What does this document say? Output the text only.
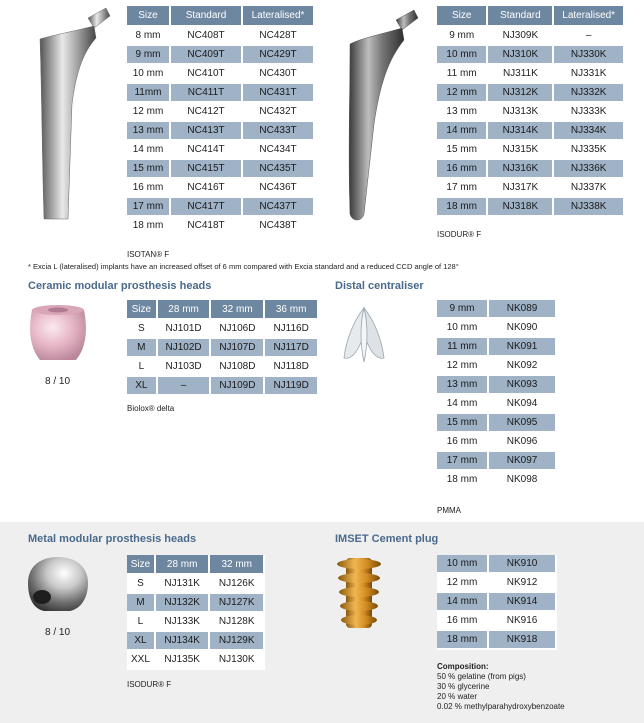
ISOTAN® F
Size	Standard	Lateralised*
8 mm	NC408T	NC428T
9 mm	NC409T	NC429T
10 mm	NC410T	NC430T
11mm	NC411T	NC431T
12 mm	NC412T	NC432T
13 mm	NC413T	NC433T
14 mm	NC414T	NC434T
15 mm	NC415T	NC435T
16 mm	NC416T	NC436T
17 mm	NC417T	NC437T
18 mm	NC418T	NC438T
ISODUR® F
Size	Standard	Lateralised*
9 mm	NJ309K	–
10 mm	NJ310K	NJ330K
11 mm	NJ311K	NJ331K
12 mm	NJ312K	NJ332K
13 mm	NJ313K	NJ333K
14 mm	NJ314K	NJ334K
15 mm	NJ315K	NJ335K
16 mm	NJ316K	NJ336K
17 mm	NJ317K	NJ337K
18 mm	NJ318K	NJ338K
* Excia L (lateralised) implants have an increased offset of 6 mm compared with Excia standard and a reduced CCD angle of 128°
Ceramic modular prosthesis heads
8 / 10
Size	28 mm	32 mm	36 mm
S	NJ101D	NJ106D	NJ116D
M	NJ102D	NJ107D	NJ117D
L	NJ103D	NJ108D	NJ118D
XL	–	NJ109D	NJ119D
Biolox® delta
Distal centraliser
9 mm	NK089
10 mm	NK090
11 mm	NK091
12 mm	NK092
13 mm	NK093
14 mm	NK094
15 mm	NK095
16 mm	NK096
17 mm	NK097
18 mm	NK098
PMMA
Metal modular prosthesis heads
8 / 10
Size	28 mm	32 mm
S	NJ131K	NJ126K
M	NJ132K	NJ127K
L	NJ133K	NJ128K
XL	NJ134K	NJ129K
XXL	NJ135K	NJ130K
ISODUR® F
IMSET Cement plug
10 mm	NK910
12 mm	NK912
14 mm	NK914
16 mm	NK916
18 mm	NK918
Composition:
50 % gelatine (from pigs)
30 % glycerine
20 % water
0.02 % methylparahydroxybenzoate
